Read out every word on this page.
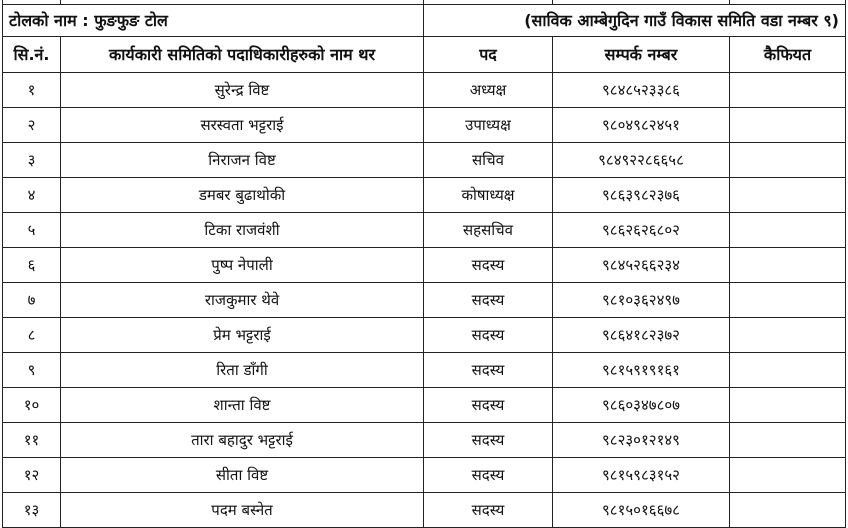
टोलको नाम : फुङफुङ टोल		(साविक आम्बेगुदिन गाउँ विकास समिति वडा नम्बर ९)		
सि.नं.	कार्यकारी समितिको पदाधिकारीहरुको नाम थर	पद	सम्पर्क नम्बर	कैफियत
१	सुरेन्द्र विष्ट	अध्यक्ष	९८४८५२३३८६	
२	सरस्वता भट्टराई	उपाध्यक्ष	९८०४९८२४५१	
३	निराजन विष्ट	सचिव	९८४९२२८६६५८	
४	डमबर बुढाथोकी	कोषाध्यक्ष	९८६३९८२३७६	
५	टिका राजवंशी	सहसचिव	९८६२६२६८०२	
६	पुष्प नेपाली	सदस्य	९८४५२६६२३४	
७	राजकुमार थेवे	सदस्य	९८१०३६२४९७	
८	प्रेम भट्टराई	सदस्य	९८६४१८२३७२	
९	रिता डाँगी	सदस्य	९८१५९१९१६१	
१०	शान्ता विष्ट	सदस्य	९८६०३४७८०७	
११	तारा बहादुर भट्टराई	सदस्य	९८२३०१२१४९	
१२	सीता विष्ट	सदस्य	९८१५९८३१५२	
१३	पदम बस्नेत	सदस्य	९८१५०१६६७८	
